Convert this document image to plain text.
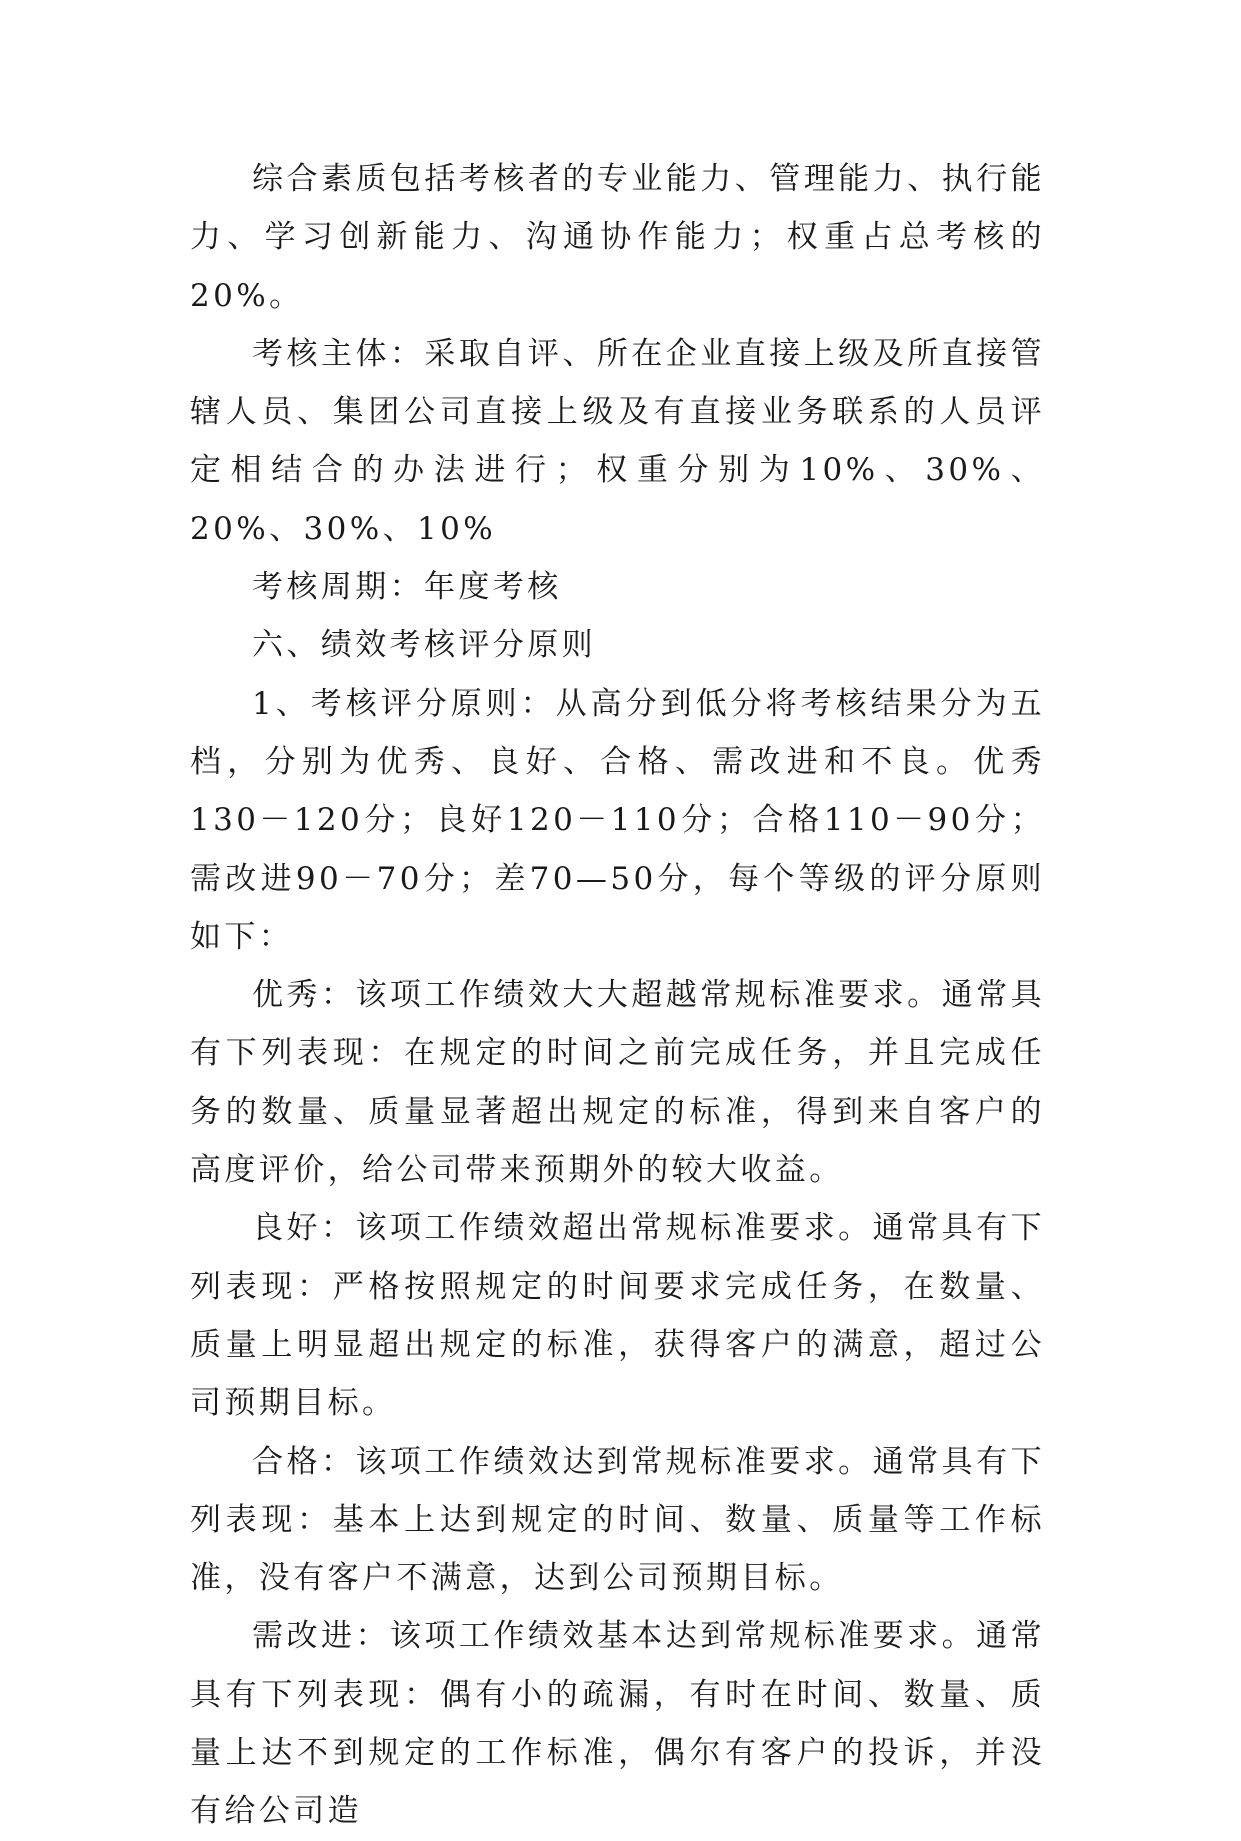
综合素质包括考核者的专业能力、管理能力、执行能力、学习创新能力、沟通协作能力；权重占总考核的20%。

考核主体：采取自评、所在企业直接上级及所直接管辖人员、集团公司直接上级及有直接业务联系的人员评定相结合的办法进行；权重分别为10%、30%、20%、30%、10%

考核周期：年度考核

六、绩效考核评分原则

1、考核评分原则：从高分到低分将考核结果分为五档，分别为优秀、良好、合格、需改进和不良。优秀130－120分；良好120－110分；合格110－90分；需改进90－70分；差70—50分，每个等级的评分原则如下：

优秀：该项工作绩效大大超越常规标准要求。通常具有下列表现：在规定的时间之前完成任务，并且完成任务的数量、质量显著超出规定的标准，得到来自客户的高度评价，给公司带来预期外的较大收益。

良好：该项工作绩效超出常规标准要求。通常具有下列表现：严格按照规定的时间要求完成任务，在数量、质量上明显超出规定的标准，获得客户的满意，超过公司预期目标。

合格：该项工作绩效达到常规标准要求。通常具有下列表现：基本上达到规定的时间、数量、质量等工作标准，没有客户不满意，达到公司预期目标。

需改进：该项工作绩效基本达到常规标准要求。通常具有下列表现：偶有小的疏漏，有时在时间、数量、质量上达不到规定的工作标准，偶尔有客户的投诉，并没有给公司造
